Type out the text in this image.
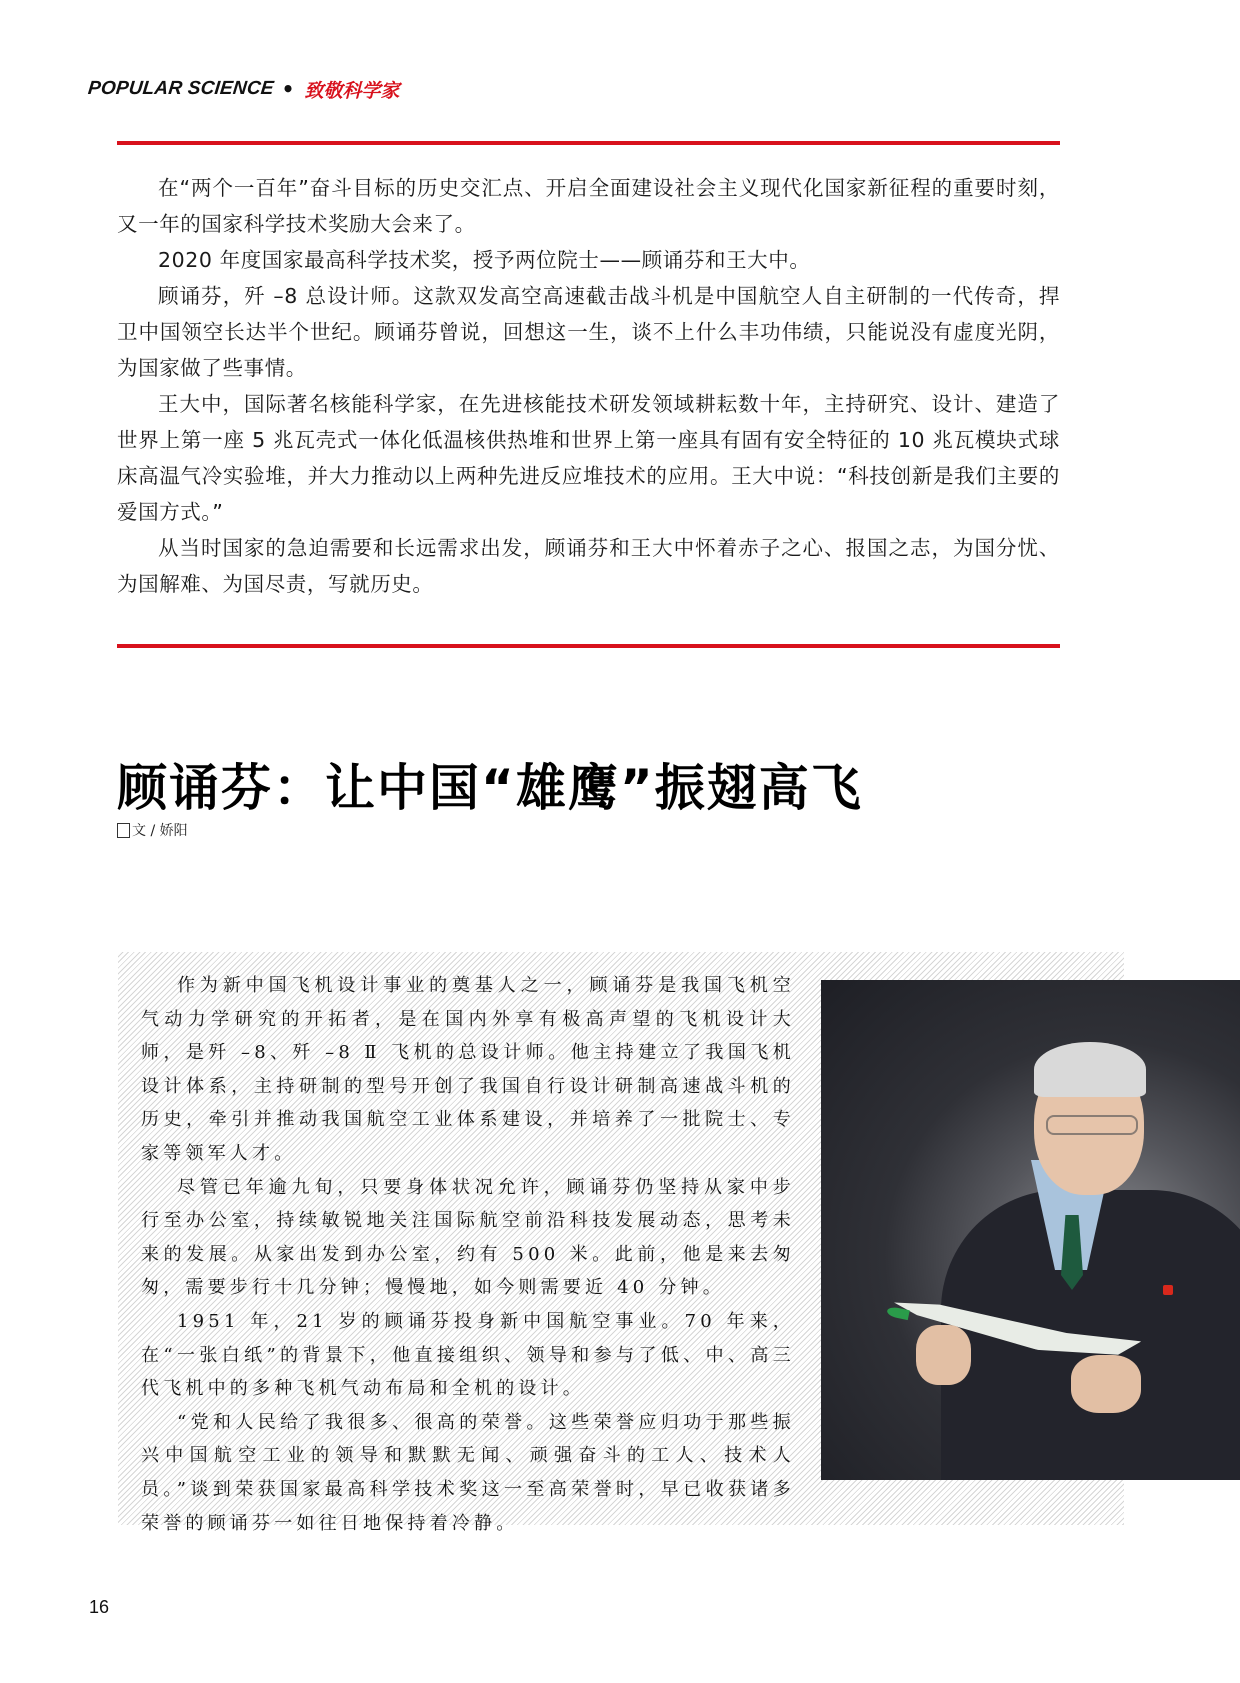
POPULAR SCIENCE • 致敬科学家

在“两个一百年”奋斗目标的历史交汇点、开启全面建设社会主义现代化国家新征程的重要时刻，又一年的国家科学技术奖励大会来了。

2020 年度国家最高科学技术奖，授予两位院士——顾诵芬和王大中。

顾诵芬，歼 –8 总设计师。这款双发高空高速截击战斗机是中国航空人自主研制的一代传奇，捍卫中国领空长达半个世纪。顾诵芬曾说，回想这一生，谈不上什么丰功伟绩，只能说没有虚度光阴，为国家做了些事情。

王大中，国际著名核能科学家，在先进核能技术研发领域耕耘数十年，主持研究、设计、建造了世界上第一座 5 兆瓦壳式一体化低温核供热堆和世界上第一座具有固有安全特征的 10 兆瓦模块式球床高温气冷实验堆，并大力推动以上两种先进反应堆技术的应用。王大中说：“科技创新是我们主要的爱国方式。”

从当时国家的急迫需要和长远需求出发，顾诵芬和王大中怀着赤子之心、报国之志，为国分忧、为国解难、为国尽责，写就历史。

顾诵芬：让中国“雄鹰”振翅高飞
文 / 娇阳

作为新中国飞机设计事业的奠基人之一，顾诵芬是我国飞机空气动力学研究的开拓者，是在国内外享有极高声望的飞机设计大师，是歼 –8、歼 –8 Ⅱ 飞机的总设计师。他主持建立了我国飞机设计体系，主持研制的型号开创了我国自行设计研制高速战斗机的历史，牵引并推动我国航空工业体系建设，并培养了一批院士、专家等领军人才。

尽管已年逾九旬，只要身体状况允许，顾诵芬仍坚持从家中步行至办公室，持续敏锐地关注国际航空前沿科技发展动态，思考未来的发展。从家出发到办公室，约有 500 米。此前，他是来去匆匆，需要步行十几分钟；慢慢地，如今则需要近 40 分钟。

1951 年，21 岁的顾诵芬投身新中国航空事业。70 年来，在“一张白纸”的背景下，他直接组织、领导和参与了低、中、高三代飞机中的多种飞机气动布局和全机的设计。

“党和人民给了我很多、很高的荣誉。这些荣誉应归功于那些振兴中国航空工业的领导和默默无闻、顽强奋斗的工人、技术人员。”谈到荣获国家最高科学技术奖这一至高荣誉时，早已收获诸多荣誉的顾诵芬一如往日地保持着冷静。

16
